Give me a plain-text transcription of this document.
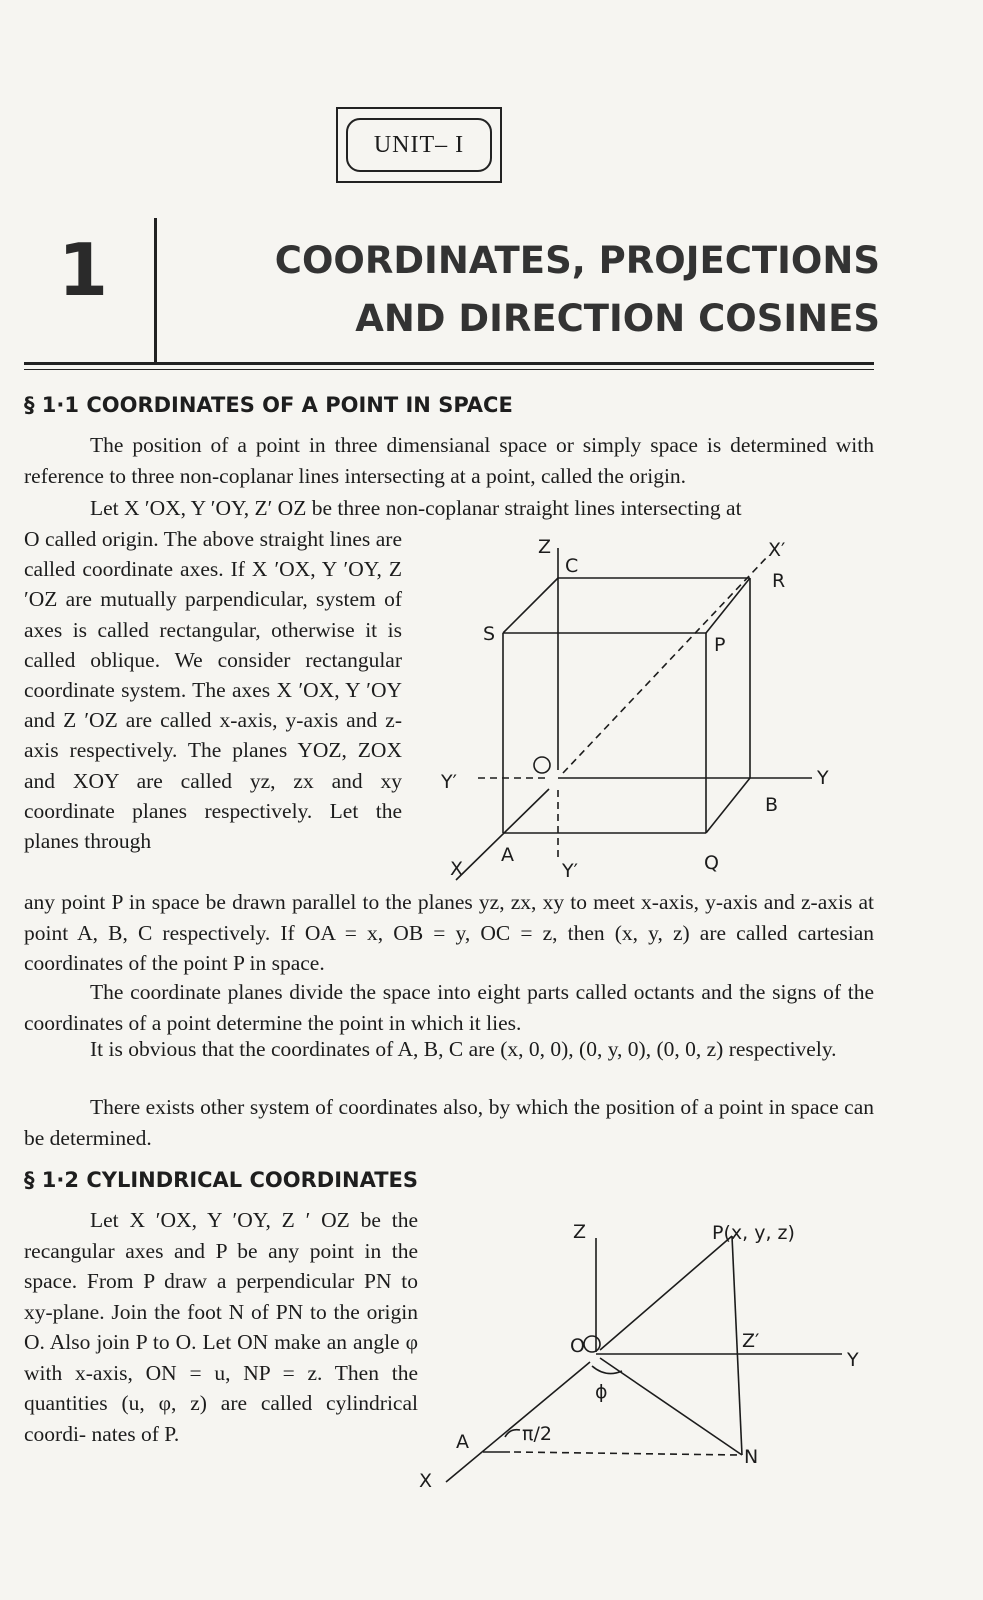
UNIT– I
1	COORDINATES, PROJECTIONS
AND DIRECTION COSINES
§ 1·1 COORDINATES OF A POINT IN SPACE
The position of a point in three dimensianal space or simply space is determined with reference to three non-coplanar lines intersecting at a point, called the origin.
Let X ′OX, Y ′OY, Z′ OZ be three non-coplanar straight lines intersecting at
O called origin. The above straight lines are called coordinate axes. If X ′OX, Y ′OY, Z ′OZ are mutually parpendicular, system of axes is called rectangular, otherwise it is called oblique. We consider rectangular coordinate system. The axes X ′OX, Y ′OY and Z ′OZ are called x-axis, y-axis and z-axis respectively. The planes YOZ, ZOX and XOY are called yz, zx and xy coordinate planes respectively. Let the planes through
any point P in space be drawn parallel to the planes yz, zx, xy to meet x-axis, y-axis and z-axis at point A, B, C respectively. If OA = x, OB = y, OC = z, then (x, y, z) are called cartesian coordinates of the point P in space.
The coordinate planes divide the space into eight parts called octants and the signs of the coordinates of a point determine the point in which it lies.
It is obvious that the coordinates of A, B, C are (x, 0, 0), (0, y, 0), (0, 0, z) respectively.
There exists other system of coordinates also, by which the position of a point in space can be determined.
Z
C
X′
R
S	P
Y′	Y
B
A
X	Y′	Q
§ 1·2 CYLINDRICAL COORDINATES
Let X ′OX, Y ′OY, Z ′ OZ be the recangular axes and P be any point in the space. From P draw a perpendicular PN to xy-plane. Join the foot N of PN to the origin O. Also join P to O. Let ON make an angle φ with x-axis, ON = u, NP = z. Then the quantities (u, φ, z) are called cylindrical coordi- nates of P.
Z	P(x, y, z)
O	Z′
Y
ϕ
A	π/2
N
X
